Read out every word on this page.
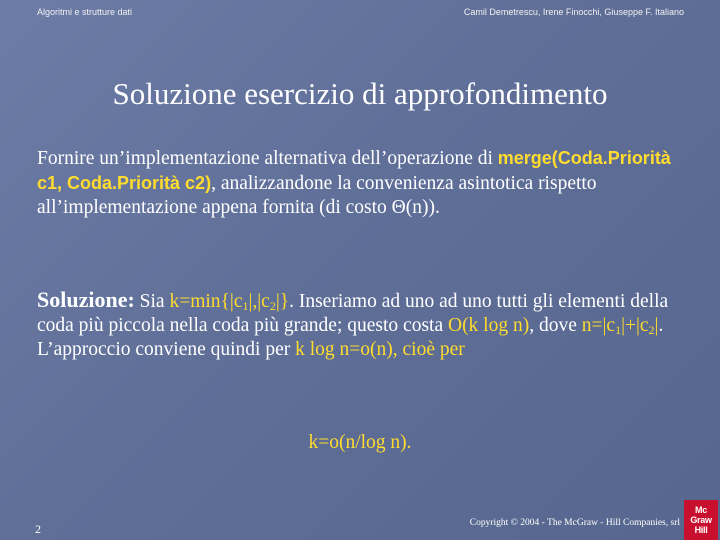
Algoritmi e strutture dati	Camil Demetrescu, Irene Finocchi, Giuseppe F. Italiano
Soluzione esercizio di approfondimento
Fornire un’implementazione alternativa dell’operazione di merge(Coda.Priorità c1, Coda.Priorità c2), analizzandone la convenienza asintotica rispetto all’implementazione appena fornita (di costo Θ(n)).
Soluzione: Sia $k=\min\{|c_1|,|c_2|\}$. Inseriamo ad uno ad uno tutti gli elementi della coda più piccola nella coda più grande; questo costa O(k log n), dove $n=|c_1|+|c_2|$. L’approccio conviene quindi per k log n=o(n), cioè per
k=o(n/log n).
2	Copyright © 2004 - The McGraw - Hill Companies, srl
Mc
Graw
Hill
